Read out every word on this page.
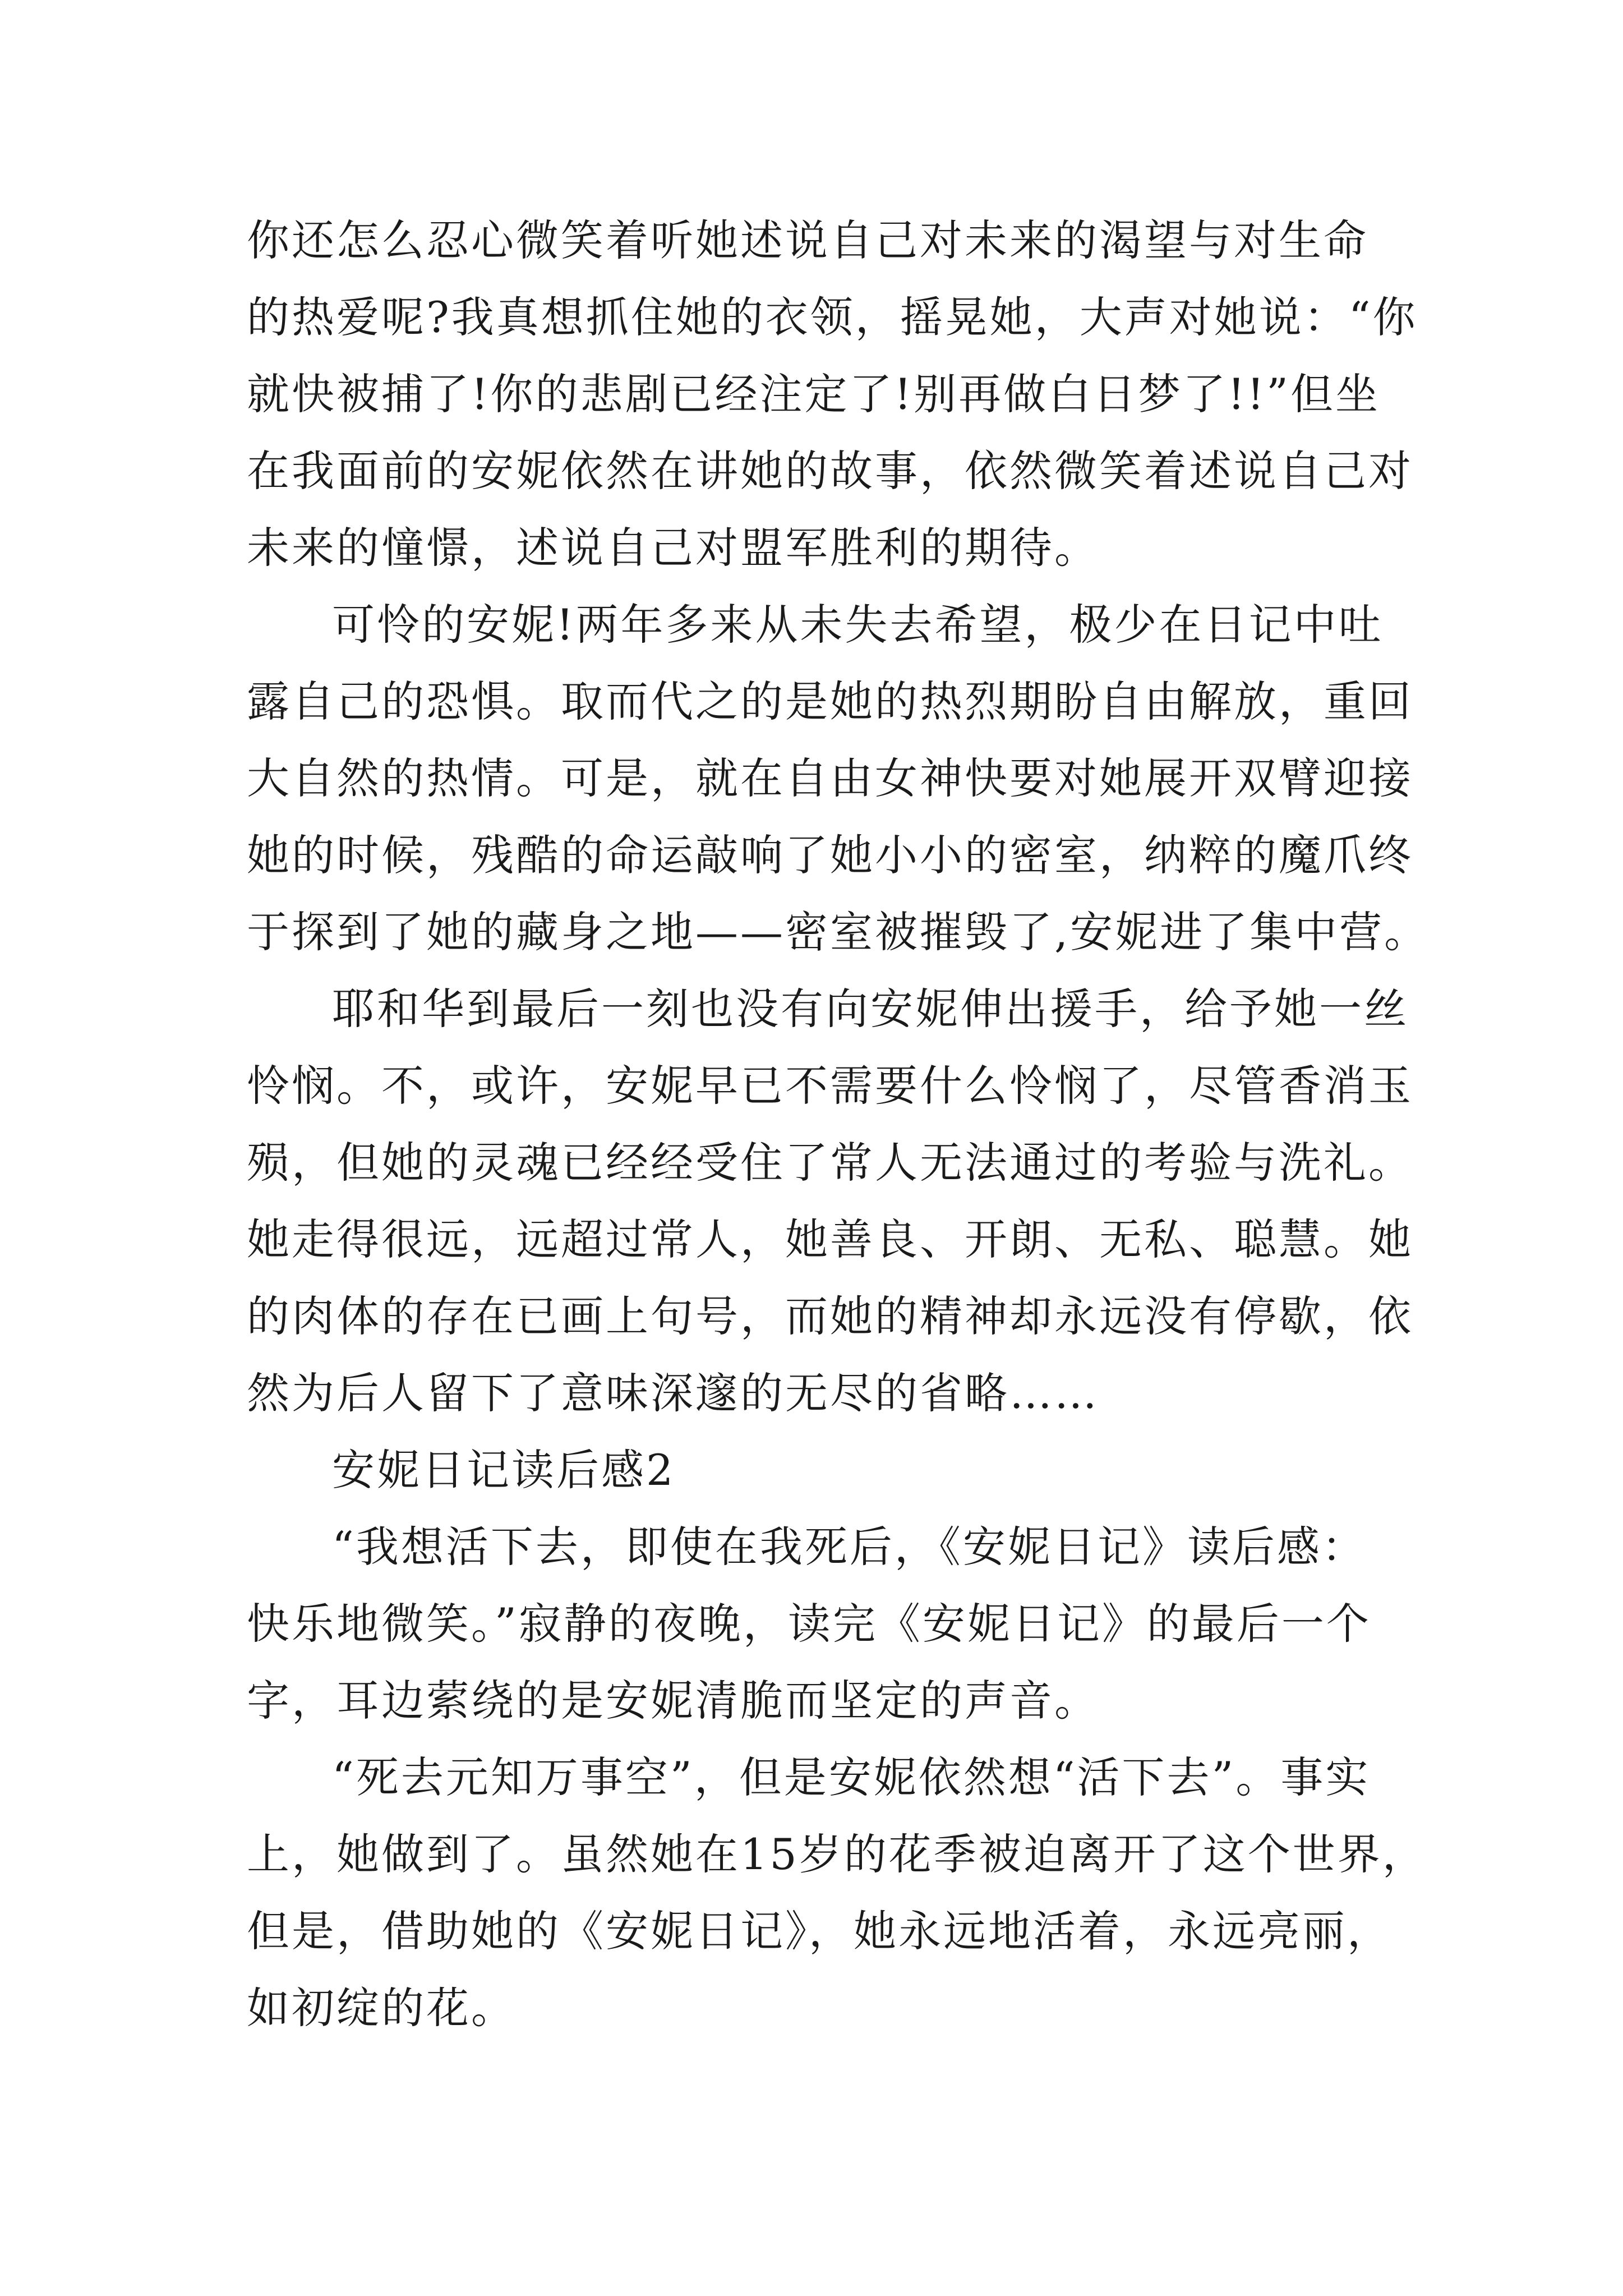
你还怎么忍心微笑着听她述说自己对未来的渴望与对生命
的热爱呢?我真想抓住她的衣领，摇晃她，大声对她说：“你
就快被捕了!你的悲剧已经注定了!别再做白日梦了!!”但坐
在我面前的安妮依然在讲她的故事，依然微笑着述说自己对
未来的憧憬，述说自己对盟军胜利的期待。
可怜的安妮!两年多来从未失去希望，极少在日记中吐
露自己的恐惧。取而代之的是她的热烈期盼自由解放，重回
大自然的热情。可是，就在自由女神快要对她展开双臂迎接
她的时候，残酷的命运敲响了她小小的密室，纳粹的魔爪终
于探到了她的藏身之地——密室被摧毁了,安妮进了集中营。
耶和华到最后一刻也没有向安妮伸出援手，给予她一丝
怜悯。不，或许，安妮早已不需要什么怜悯了，尽管香消玉
殒，但她的灵魂已经经受住了常人无法通过的考验与洗礼。
她走得很远，远超过常人，她善良、开朗、无私、聪慧。她
的肉体的存在已画上句号，而她的精神却永远没有停歇，依
然为后人留下了意味深邃的无尽的省略……
安妮日记读后感2
“我想活下去，即使在我死后，《安妮日记》读后感：
快乐地微笑。”寂静的夜晚，读完《安妮日记》的最后一个
字，耳边萦绕的是安妮清脆而坚定的声音。
“死去元知万事空”，但是安妮依然想“活下去”。事实
上，她做到了。虽然她在15岁的花季被迫离开了这个世界，
但是，借助她的《安妮日记》，她永远地活着，永远亮丽，
如初绽的花。
